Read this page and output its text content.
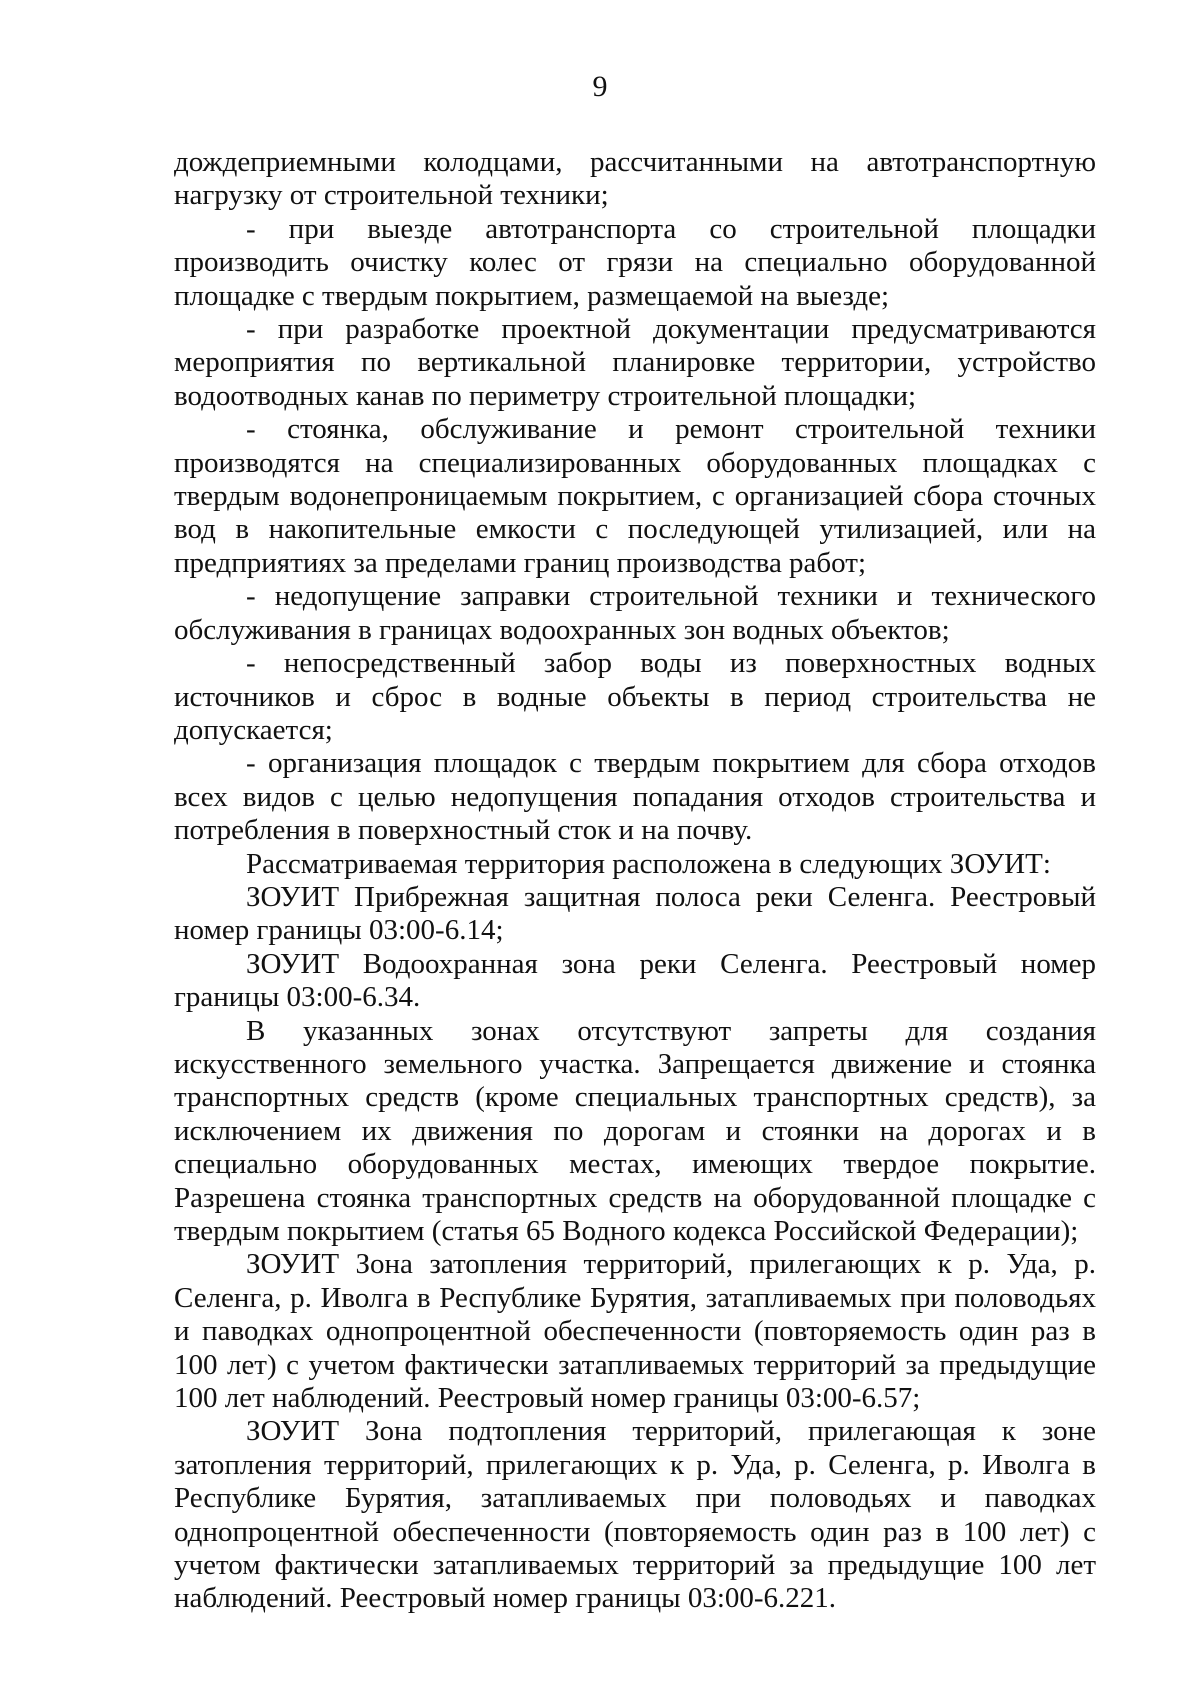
9

дождеприемными колодцами, рассчитанными на автотранспортную нагрузку от строительной техники;

- при выезде автотранспорта со строительной площадки производить очистку колес от грязи на специально оборудованной площадке с твердым покрытием, размещаемой на выезде;

- при разработке проектной документации предусматриваются мероприятия по вертикальной планировке территории, устройство водоотводных канав по периметру строительной площадки;

- стоянка, обслуживание и ремонт строительной техники производятся на специализированных оборудованных площадках с твердым водонепроницаемым покрытием, с организацией сбора сточных вод в накопительные емкости с последующей утилизацией, или на предприятиях за пределами границ производства работ;

- недопущение заправки строительной техники и технического обслуживания в границах водоохранных зон водных объектов;

- непосредственный забор воды из поверхностных водных источников и сброс в водные объекты в период строительства не допускается;

- организация площадок с твердым покрытием для сбора отходов всех видов с целью недопущения попадания отходов строительства и потребления в поверхностный сток и на почву.

Рассматриваемая территория расположена в следующих ЗОУИТ:

ЗОУИТ Прибрежная защитная полоса реки Селенга. Реестровый номер границы 03:00-6.14;

ЗОУИТ Водоохранная зона реки Селенга. Реестровый номер границы 03:00-6.34.

В указанных зонах отсутствуют запреты для создания искусственного земельного участка. Запрещается движение и стоянка транспортных средств (кроме специальных транспортных средств), за исключением их движения по дорогам и стоянки на дорогах и в специально оборудованных местах, имеющих твердое покрытие. Разрешена стоянка транспортных средств на оборудованной площадке с твердым покрытием (статья 65 Водного кодекса Российской Федерации);

ЗОУИТ Зона затопления территорий, прилегающих к р. Уда, р. Селенга, р. Иволга в Республике Бурятия, затапливаемых при половодьях и паводках однопроцентной обеспеченности (повторяемость один раз в 100 лет) с учетом фактически затапливаемых территорий за предыдущие 100 лет наблюдений. Реестровый номер границы 03:00-6.57;

ЗОУИТ Зона подтопления территорий, прилегающая к зоне затопления территорий, прилегающих к р. Уда, р. Селенга, р. Иволга в Республике Бурятия, затапливаемых при половодьях и паводках однопроцентной обеспеченности (повторяемость один раз в 100 лет) с учетом фактически затапливаемых территорий за предыдущие 100 лет наблюдений. Реестровый номер границы 03:00-6.221.
